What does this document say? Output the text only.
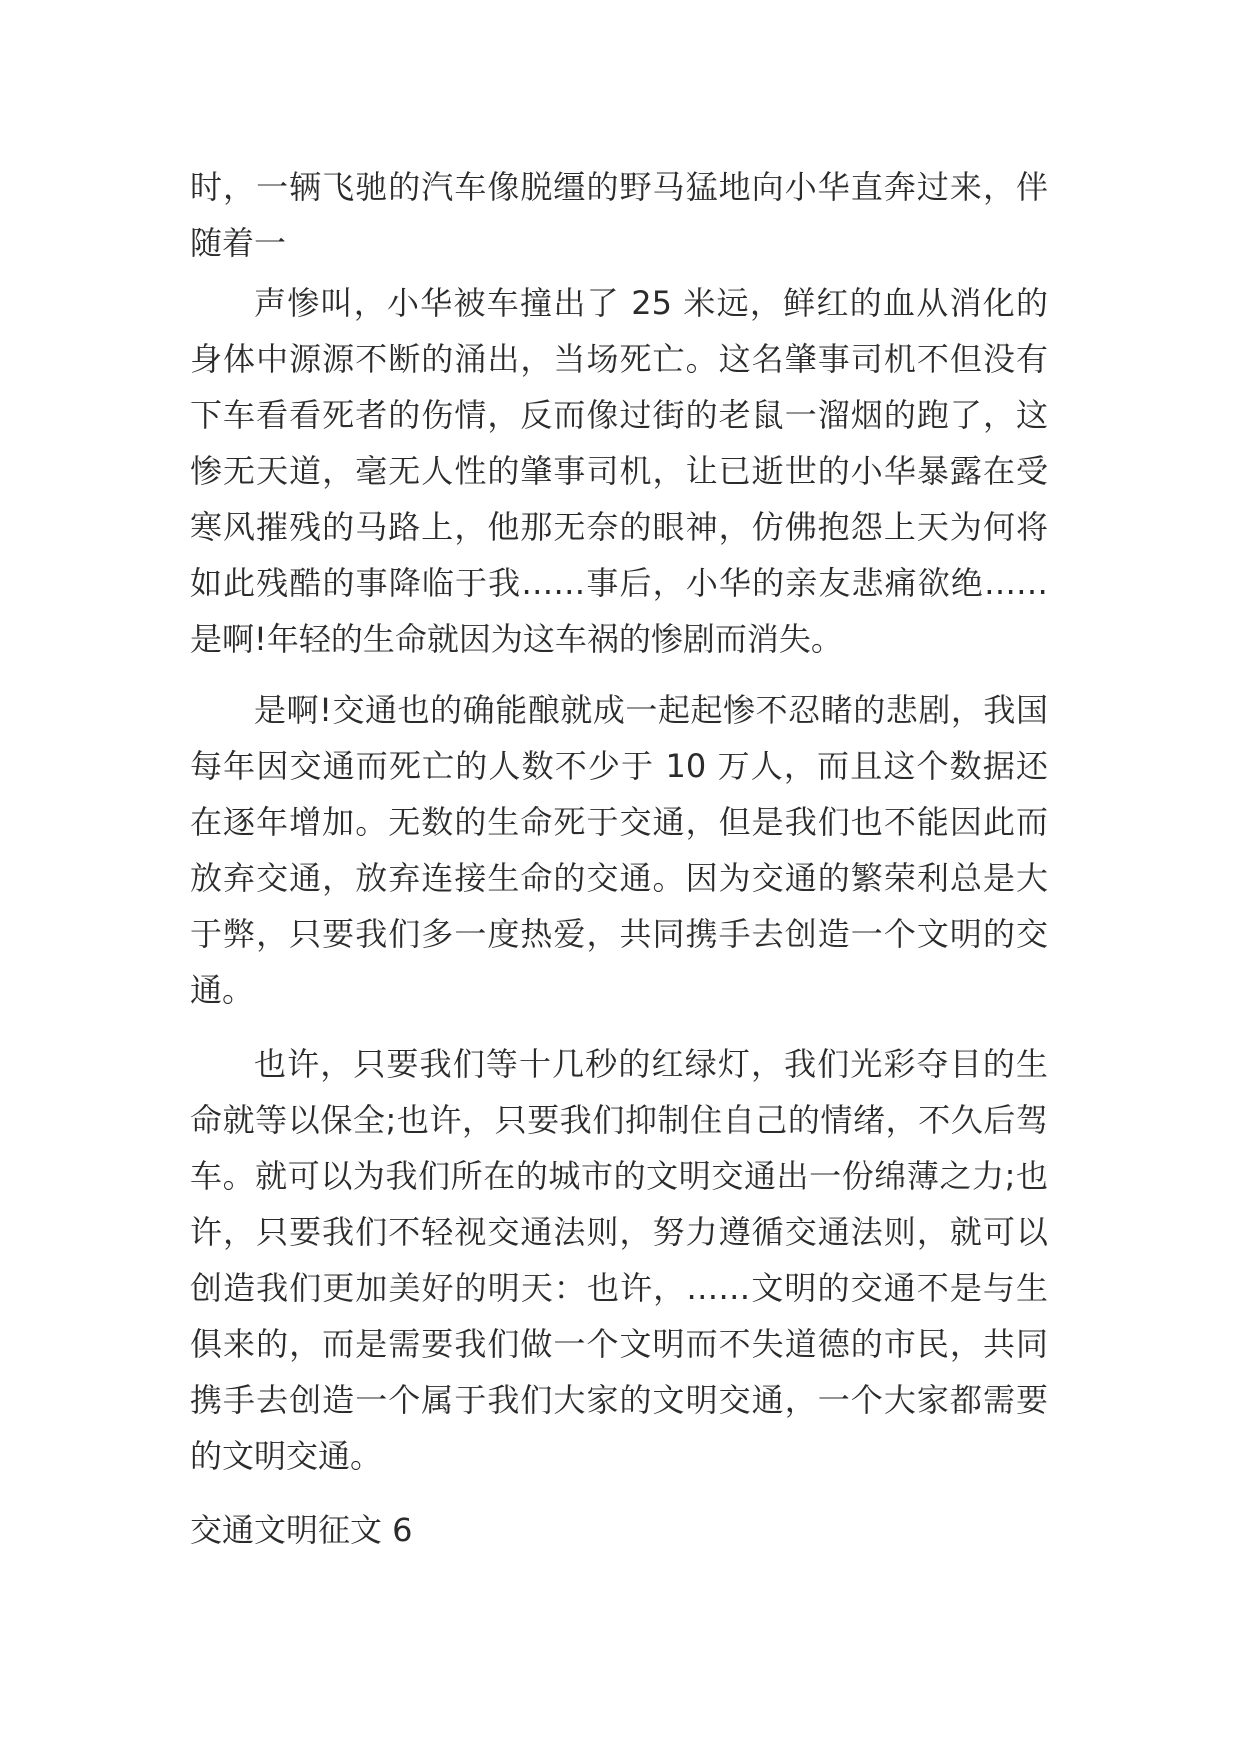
时，一辆飞驰的汽车像脱缰的野马猛地向小华直奔过来，伴随着一

声惨叫，小华被车撞出了 25 米远，鲜红的血从消化的身体中源源不断的涌出，当场死亡。这名肇事司机不但没有下车看看死者的伤情，反而像过街的老鼠一溜烟的跑了，这惨无天道，毫无人性的肇事司机，让已逝世的小华暴露在受寒风摧残的马路上，他那无奈的眼神，仿佛抱怨上天为何将如此残酷的事降临于我……事后，小华的亲友悲痛欲绝……是啊!年轻的生命就因为这车祸的惨剧而消失。

是啊!交通也的确能酿就成一起起惨不忍睹的悲剧，我国每年因交通而死亡的人数不少于 10 万人，而且这个数据还在逐年增加。无数的生命死于交通，但是我们也不能因此而放弃交通，放弃连接生命的交通。因为交通的繁荣利总是大于弊，只要我们多一度热爱，共同携手去创造一个文明的交通。

也许，只要我们等十几秒的红绿灯，我们光彩夺目的生命就等以保全;也许，只要我们抑制住自己的情绪，不久后驾车。就可以为我们所在的城市的文明交通出一份绵薄之力;也许，只要我们不轻视交通法则，努力遵循交通法则，就可以创造我们更加美好的明天：也许，……文明的交通不是与生俱来的，而是需要我们做一个文明而不失道德的市民，共同携手去创造一个属于我们大家的文明交通，一个大家都需要的文明交通。

交通文明征文 6
